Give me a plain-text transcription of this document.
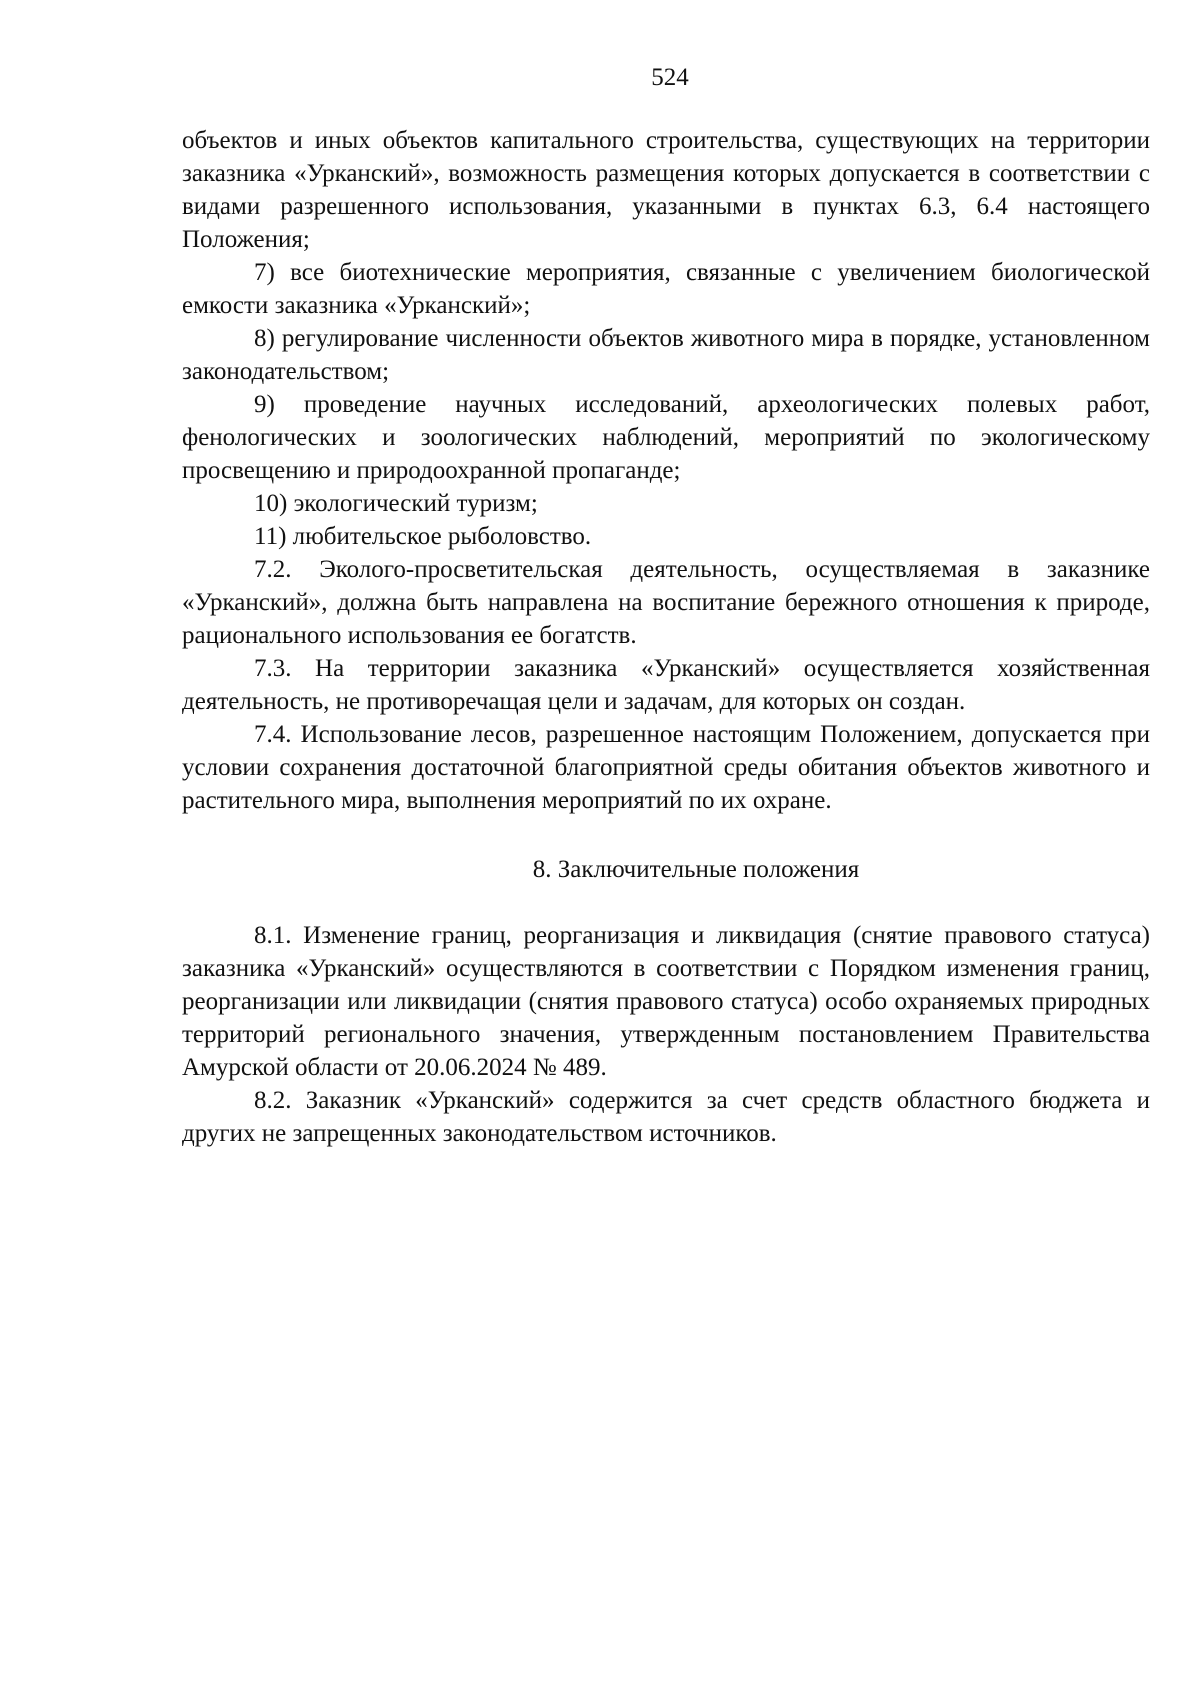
524

объектов и иных объектов капитального строительства, существующих на территории заказника «Урканский», возможность размещения которых допускается в соответствии с видами разрешенного использования, указанными в пунктах 6.3, 6.4 настоящего Положения;

7) все биотехнические мероприятия, связанные с увеличением биологической емкости заказника «Урканский»;

8) регулирование численности объектов животного мира в порядке, установленном законодательством;

9) проведение научных исследований, археологических полевых работ, фенологических и зоологических наблюдений, мероприятий по экологическому просвещению и природоохранной пропаганде;

10) экологический туризм;

11) любительское рыболовство.

7.2. Эколого-просветительская деятельность, осуществляемая в заказнике «Урканский», должна быть направлена на воспитание бережного отношения к природе, рационального использования ее богатств.

7.3. На территории заказника «Урканский» осуществляется хозяйственная деятельность, не противоречащая цели и задачам, для которых он создан.

7.4. Использование лесов, разрешенное настоящим Положением, допускается при условии сохранения достаточной благоприятной среды обитания объектов животного и растительного мира, выполнения мероприятий по их охране.

8. Заключительные положения

8.1. Изменение границ, реорганизация и ликвидация (снятие правового статуса) заказника «Урканский» осуществляются в соответствии с Порядком изменения границ, реорганизации или ликвидации (снятия правового статуса) особо охраняемых природных территорий регионального значения, утвержденным постановлением Правительства Амурской области от 20.06.2024 № 489.

8.2. Заказник «Урканский» содержится за счет средств областного бюджета и других не запрещенных законодательством источников.
